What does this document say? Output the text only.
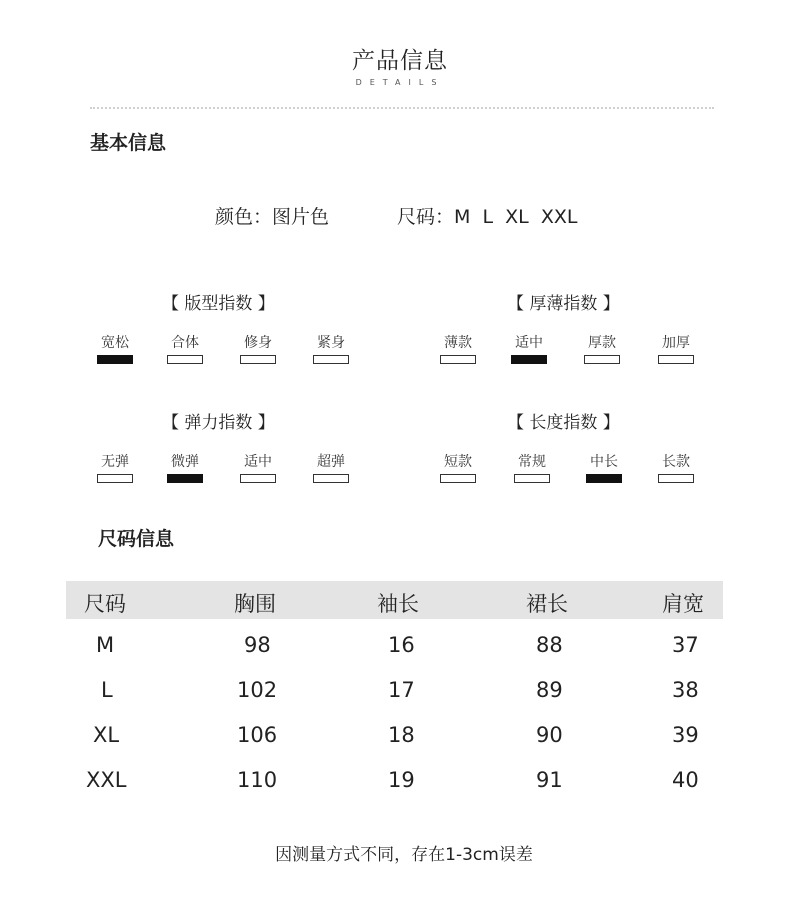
产品信息
DETAILS
基本信息
颜色：图片色	尺码：M  L  XL  XXL
【 版型指数 】
宽松	合体	修身	紧身
【 厚薄指数 】
薄款	适中	厚款	加厚
【 弹力指数 】
无弹	微弹	适中	超弹
【 长度指数 】
短款	常规	中长	长款
尺码信息
尺码	胸围	袖长	裙长	肩宽
M	98	16	88	37
L	102	17	89	38
XL	106	18	90	39
XXL	110	19	91	40
因测量方式不同，存在1-3cm误差
